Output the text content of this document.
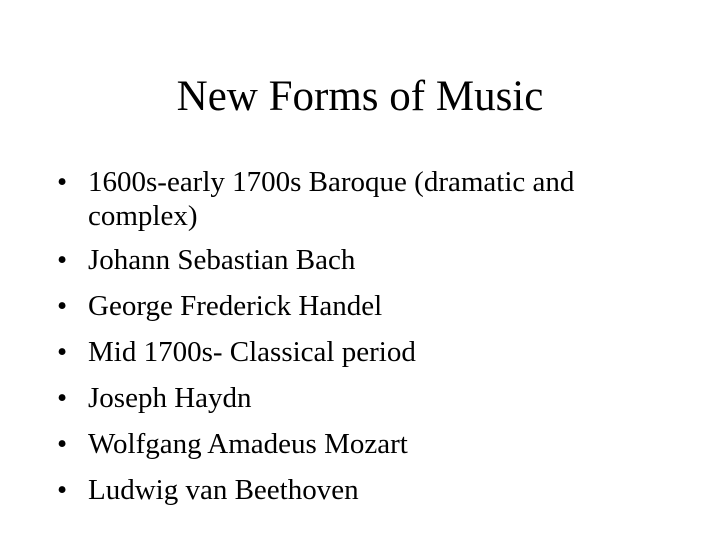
New Forms of Music
• 1600s-early 1700s Baroque (dramatic and complex)
• Johann Sebastian Bach
• George Frederick Handel
• Mid 1700s- Classical period
• Joseph Haydn
• Wolfgang Amadeus Mozart
• Ludwig van Beethoven
